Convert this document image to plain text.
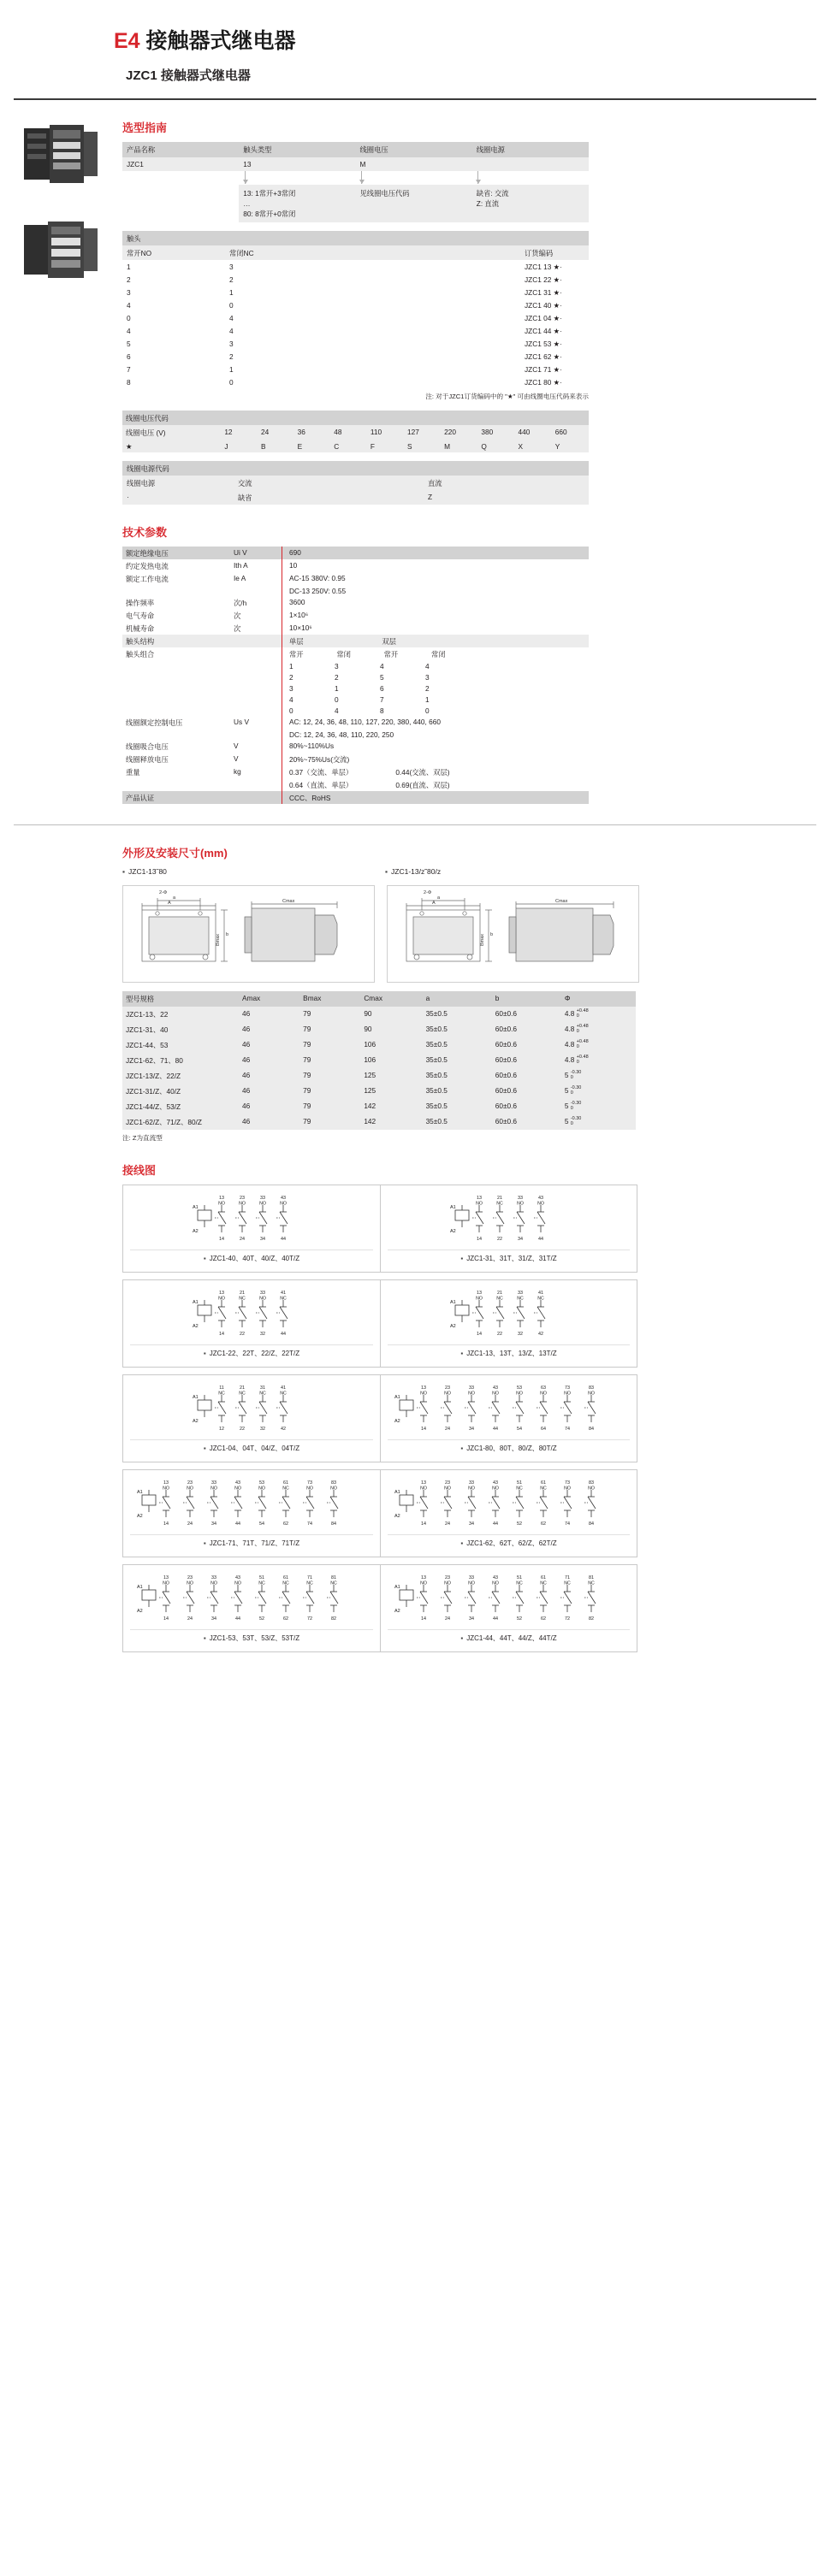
E4 接触器式继电器
JZC1 接触器式继电器
选型指南
产品名称	触头类型	线圈电压	线圈电源
JZC1	13	M	

13: 1常开+3常闭
…
80: 8常开+0常闭

见线圈电压代码	缺省: 交流
Z: 直流
触头			
常开NO	常闭NC		订货编码
1	3		JZC1 13 ★·
2	2		JZC1 22 ★·
3	1		JZC1 31 ★·
4	0		JZC1 40 ★·
0	4		JZC1 04 ★·
4	4		JZC1 44 ★·
5	3		JZC1 53 ★·
6	2		JZC1 62 ★·
7	1		JZC1 71 ★·
8	0		JZC1 80 ★·
注: 对于JZC1订货编码中的 "★" 可由线圈电压代码来表示
线圈电压代码										
线圈电压 (V)	12	24	36	48	110	127	220	380	440	660
★	J	B	E	C	F	S	M	Q	X	Y
线圈电源代码		
线圈电源	交流	直流
·	缺省	Z
技术参数
额定绝缘电压	Ui V	690
约定发热电流	Ith A	10
额定工作电流	Ie A	AC-15 380V: 0.95
		DC-13 250V: 0.55
操作频率	次/h	3600
电气寿命	次	1×10⁶
机械寿命	次	10×10⁶
触头结构		单层 双层
触头组合		常开 常闭 常开 常闭
		1 3 4 4
		2 2 5 3
		3 1 6 2
		4 0 7 1
		0 4 8 0
线圈额定控制电压	Us V	AC: 12, 24, 36, 48, 110, 127, 220, 380, 440, 660
		DC: 12, 24, 36, 48, 110, 220, 250
线圈吸合电压	V	80%~110%Us
线圈释放电压	V	20%~75%Us(交流)
重量	kg	0.37（交流、单层） 0.44(交流、双层)
		0.64（直流、单层） 0.69(直流、双层)
产品认证		CCC、RoHS
外形及安装尺寸(mm)
▪ JZC1-13˜80	▪ JZC1-13/z˜80/z
a
A
2-Φ
b
Cmax
Bmax
a
A
2-Φ
b
Cmax
Bmax
型号规格	Amax	Bmax	Cmax	a	b	Φ
JZC1-13、22	46	79	90	35±0.5	60±0.6	4.8 +0.48
0
JZC1-31、40	46	79	90	35±0.5	60±0.6	4.8 +0.48
0
JZC1-44、53	46	79	106	35±0.5	60±0.6	4.8 +0.48
0
JZC1-62、71、80	46	79	106	35±0.5	60±0.6	4.8 +0.48
0
JZC1-13/Z、22/Z	46	79	125	35±0.5	60±0.6	5 -0.30
0
JZC1-31/Z、40/Z	46	79	125	35±0.5	60±0.6	5 -0.30
0
JZC1-44/Z、53/Z	46	79	142	35±0.5	60±0.6	5 -0.30
0
JZC1-62/Z、71/Z、80/Z	46	79	142	35±0.5	60±0.6	5 -0.30
0
注: Z为直流型
接线图
A1
A2
13
14
23
24
33
34
43
44
NO	NO	NO	NO
▪ JZC1-40、40T、40/Z、40T/Z
A1
A2
13
14
21
22
33
34
43
44
NO	NC	NO	NO
▪ JZC1-31、31T、31/Z、31T/Z
A1
A2
13
14
21
22
33
32
41
44
NO	NC	NO	NC
▪ JZC1-22、22T、22/Z、22T/Z
A1
A2
13
14
21
22
33
32
41
42
NO	NC	NC	NC
▪ JZC1-13、13T、13/Z、13T/Z
A1
A2
11
12
21
22
31
32
41
42
NC	NC	NC	NC
▪ JZC1-04、04T、04/Z、04T/Z
A1
A2
13
14
23
24
33
34
43
44
53
54
63
64
73
74
83
84
NO	NO	NO	NO	NO	NO	NO	NO
▪ JZC1-80、80T、80/Z、80T/Z
A1
A2
13
14
23
24
33
34
43
44
53
54
61
62
73
74
83
84
NO	NO	NO	NO	NO	NC	NO	NO
▪ JZC1-71、71T、71/Z、71T/Z
A1
A2
13
14
23
24
33
34
43
44
51
52
61
62
73
74
83
84
NO	NO	NO	NO	NC	NC	NO	NO
▪ JZC1-62、62T、62/Z、62T/Z
A1
A2
13
14
23
24
33
34
43
44
51
52
61
62
71
72
81
82
NO	NO	NO	NO	NC	NC	NC	NC
▪ JZC1-53、53T、53/Z、53T/Z
A1
A2
13
14
23
24
33
34
43
44
51
52
61
62
71
72
81
82
NO	NO	NO	NO	NC	NC	NC	NC
▪ JZC1-44、44T、44/Z、44T/Z
